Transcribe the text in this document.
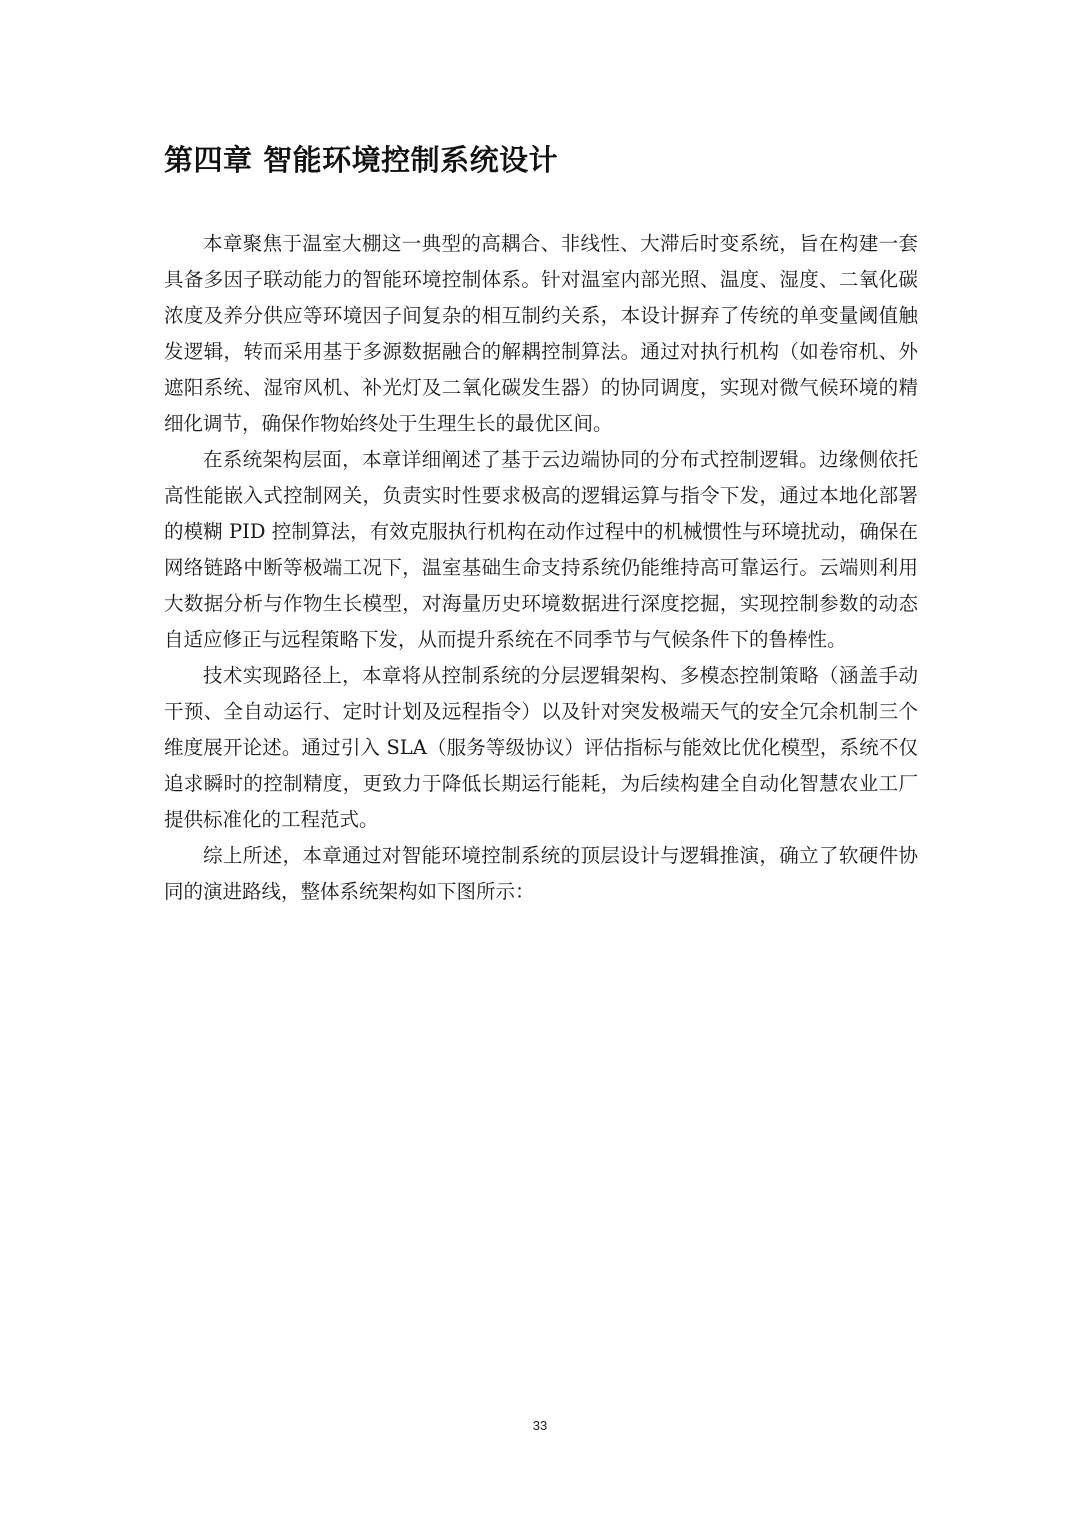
第四章 智能环境控制系统设计

本章聚焦于温室大棚这一典型的高耦合、非线性、大滞后时变系统，旨在构建一套具备多因子联动能力的智能环境控制体系。针对温室内部光照、温度、湿度、二氧化碳浓度及养分供应等环境因子间复杂的相互制约关系，本设计摒弃了传统的单变量阈值触发逻辑，转而采用基于多源数据融合的解耦控制算法。通过对执行机构（如卷帘机、外遮阳系统、湿帘风机、补光灯及二氧化碳发生器）的协同调度，实现对微气候环境的精细化调节，确保作物始终处于生理生长的最优区间。

在系统架构层面，本章详细阐述了基于云边端协同的分布式控制逻辑。边缘侧依托高性能嵌入式控制网关，负责实时性要求极高的逻辑运算与指令下发，通过本地化部署的模糊 PID 控制算法，有效克服执行机构在动作过程中的机械惯性与环境扰动，确保在网络链路中断等极端工况下，温室基础生命支持系统仍能维持高可靠运行。云端则利用大数据分析与作物生长模型，对海量历史环境数据进行深度挖掘，实现控制参数的动态自适应修正与远程策略下发，从而提升系统在不同季节与气候条件下的鲁棒性。

技术实现路径上，本章将从控制系统的分层逻辑架构、多模态控制策略（涵盖手动干预、全自动运行、定时计划及远程指令）以及针对突发极端天气的安全冗余机制三个维度展开论述。通过引入 SLA（服务等级协议）评估指标与能效比优化模型，系统不仅追求瞬时的控制精度，更致力于降低长期运行能耗，为后续构建全自动化智慧农业工厂提供标准化的工程范式。

综上所述，本章通过对智能环境控制系统的顶层设计与逻辑推演，确立了软硬件协同的演进路线，整体系统架构如下图所示：

33
